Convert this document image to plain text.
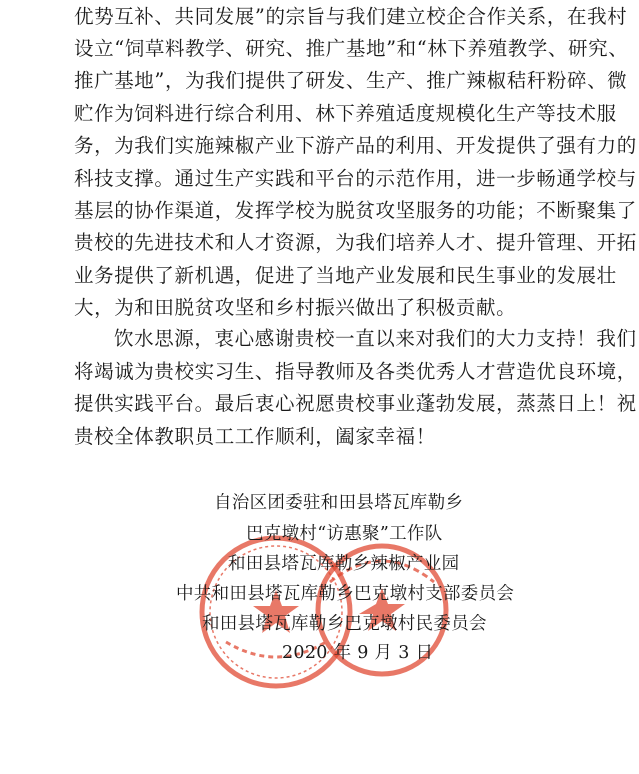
优势互补、共同发展”的宗旨与我们建立校企合作关系，在我村
设立“饲草料教学、研究、推广基地”和“林下养殖教学、研究、
推广基地”，为我们提供了研发、生产、推广辣椒秸秆粉碎、微
贮作为饲料进行综合利用、林下养殖适度规模化生产等技术服
务，为我们实施辣椒产业下游产品的利用、开发提供了强有力的
科技支撑。通过生产实践和平台的示范作用，进一步畅通学校与
基层的协作渠道，发挥学校为脱贫攻坚服务的功能；不断聚集了
贵校的先进技术和人才资源，为我们培养人才、提升管理、开拓
业务提供了新机遇，促进了当地产业发展和民生事业的发展壮
大，为和田脱贫攻坚和乡村振兴做出了积极贡献。
饮水思源，衷心感谢贵校一直以来对我们的大力支持！我们
将竭诚为贵校实习生、指导教师及各类优秀人才营造优良环境，
提供实践平台。最后衷心祝愿贵校事业蓬勃发展，蒸蒸日上！祝
贵校全体教职员工工作顺利，阖家幸福！
自治区团委驻和田县塔瓦库勒乡
巴克墩村“访惠聚”工作队
和田县塔瓦库勒乡辣椒产业园
中共和田县塔瓦库勒乡巴克墩村支部委员会
和田县塔瓦库勒乡巴克墩村民委员会
2020 年 9 月 3 日
